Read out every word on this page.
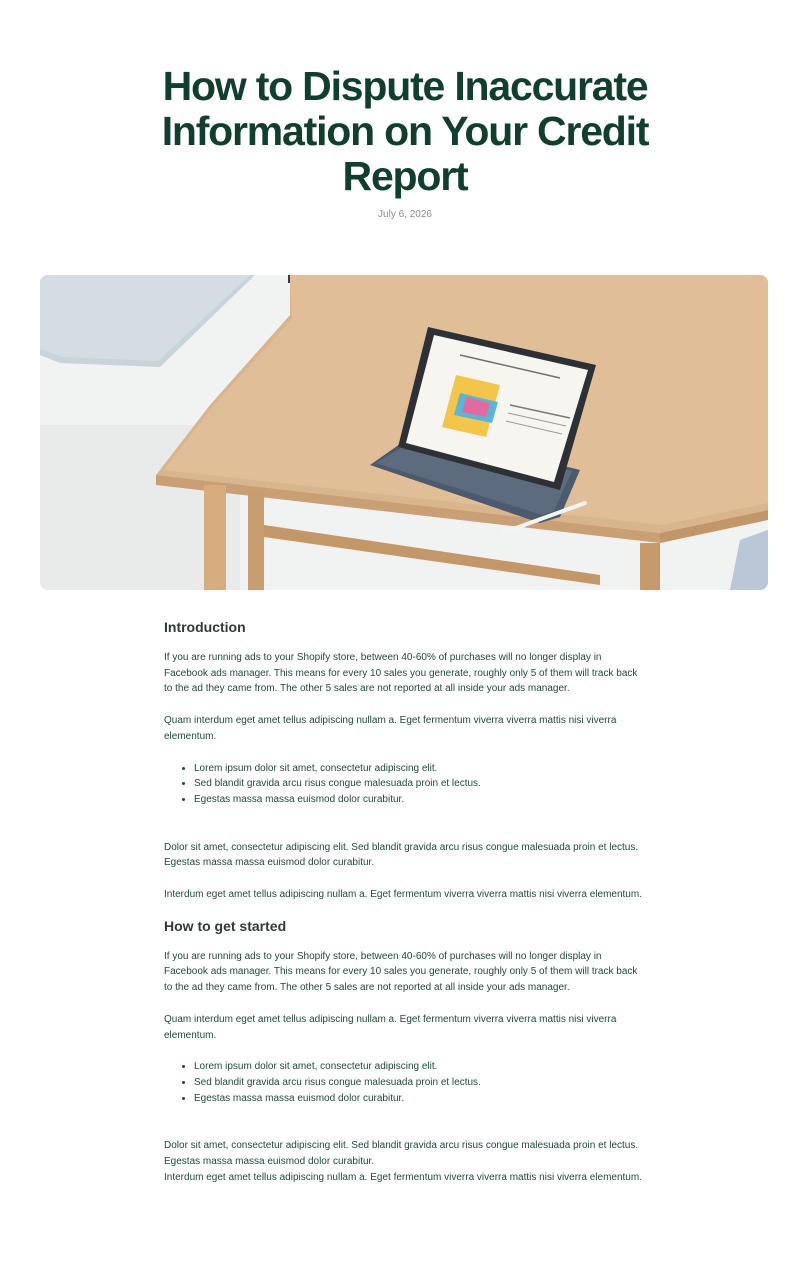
How to Dispute Inaccurate Information on Your Credit Report
July 6, 2026
Introduction

If you are running ads to your Shopify store, between 40-60% of purchases will no longer display in Facebook ads manager. This means for every 10 sales you generate, roughly only 5 of them will track back to the ad they came from. The other 5 sales are not reported at all inside your ads manager.

Quam interdum eget amet tellus adipiscing nullam a. Eget fermentum viverra viverra mattis nisi viverra elementum.

• Lorem ipsum dolor sit amet, consectetur adipiscing elit.
• Sed blandit gravida arcu risus congue malesuada proin et lectus.
• Egestas massa massa euismod dolor curabitur.

Dolor sit amet, consectetur adipiscing elit. Sed blandit gravida arcu risus congue malesuada proin et lectus. Egestas massa massa euismod dolor curabitur.

Interdum eget amet tellus adipiscing nullam a. Eget fermentum viverra viverra mattis nisi viverra elementum.

How to get started

If you are running ads to your Shopify store, between 40-60% of purchases will no longer display in Facebook ads manager. This means for every 10 sales you generate, roughly only 5 of them will track back to the ad they came from. The other 5 sales are not reported at all inside your ads manager.

Quam interdum eget amet tellus adipiscing nullam a. Eget fermentum viverra viverra mattis nisi viverra elementum.

• Lorem ipsum dolor sit amet, consectetur adipiscing elit.
• Sed blandit gravida arcu risus congue malesuada proin et lectus.
• Egestas massa massa euismod dolor curabitur.

Dolor sit amet, consectetur adipiscing elit. Sed blandit gravida arcu risus congue malesuada proin et lectus. Egestas massa massa euismod dolor curabitur.

Interdum eget amet tellus adipiscing nullam a. Eget fermentum viverra viverra mattis nisi viverra elementum.
